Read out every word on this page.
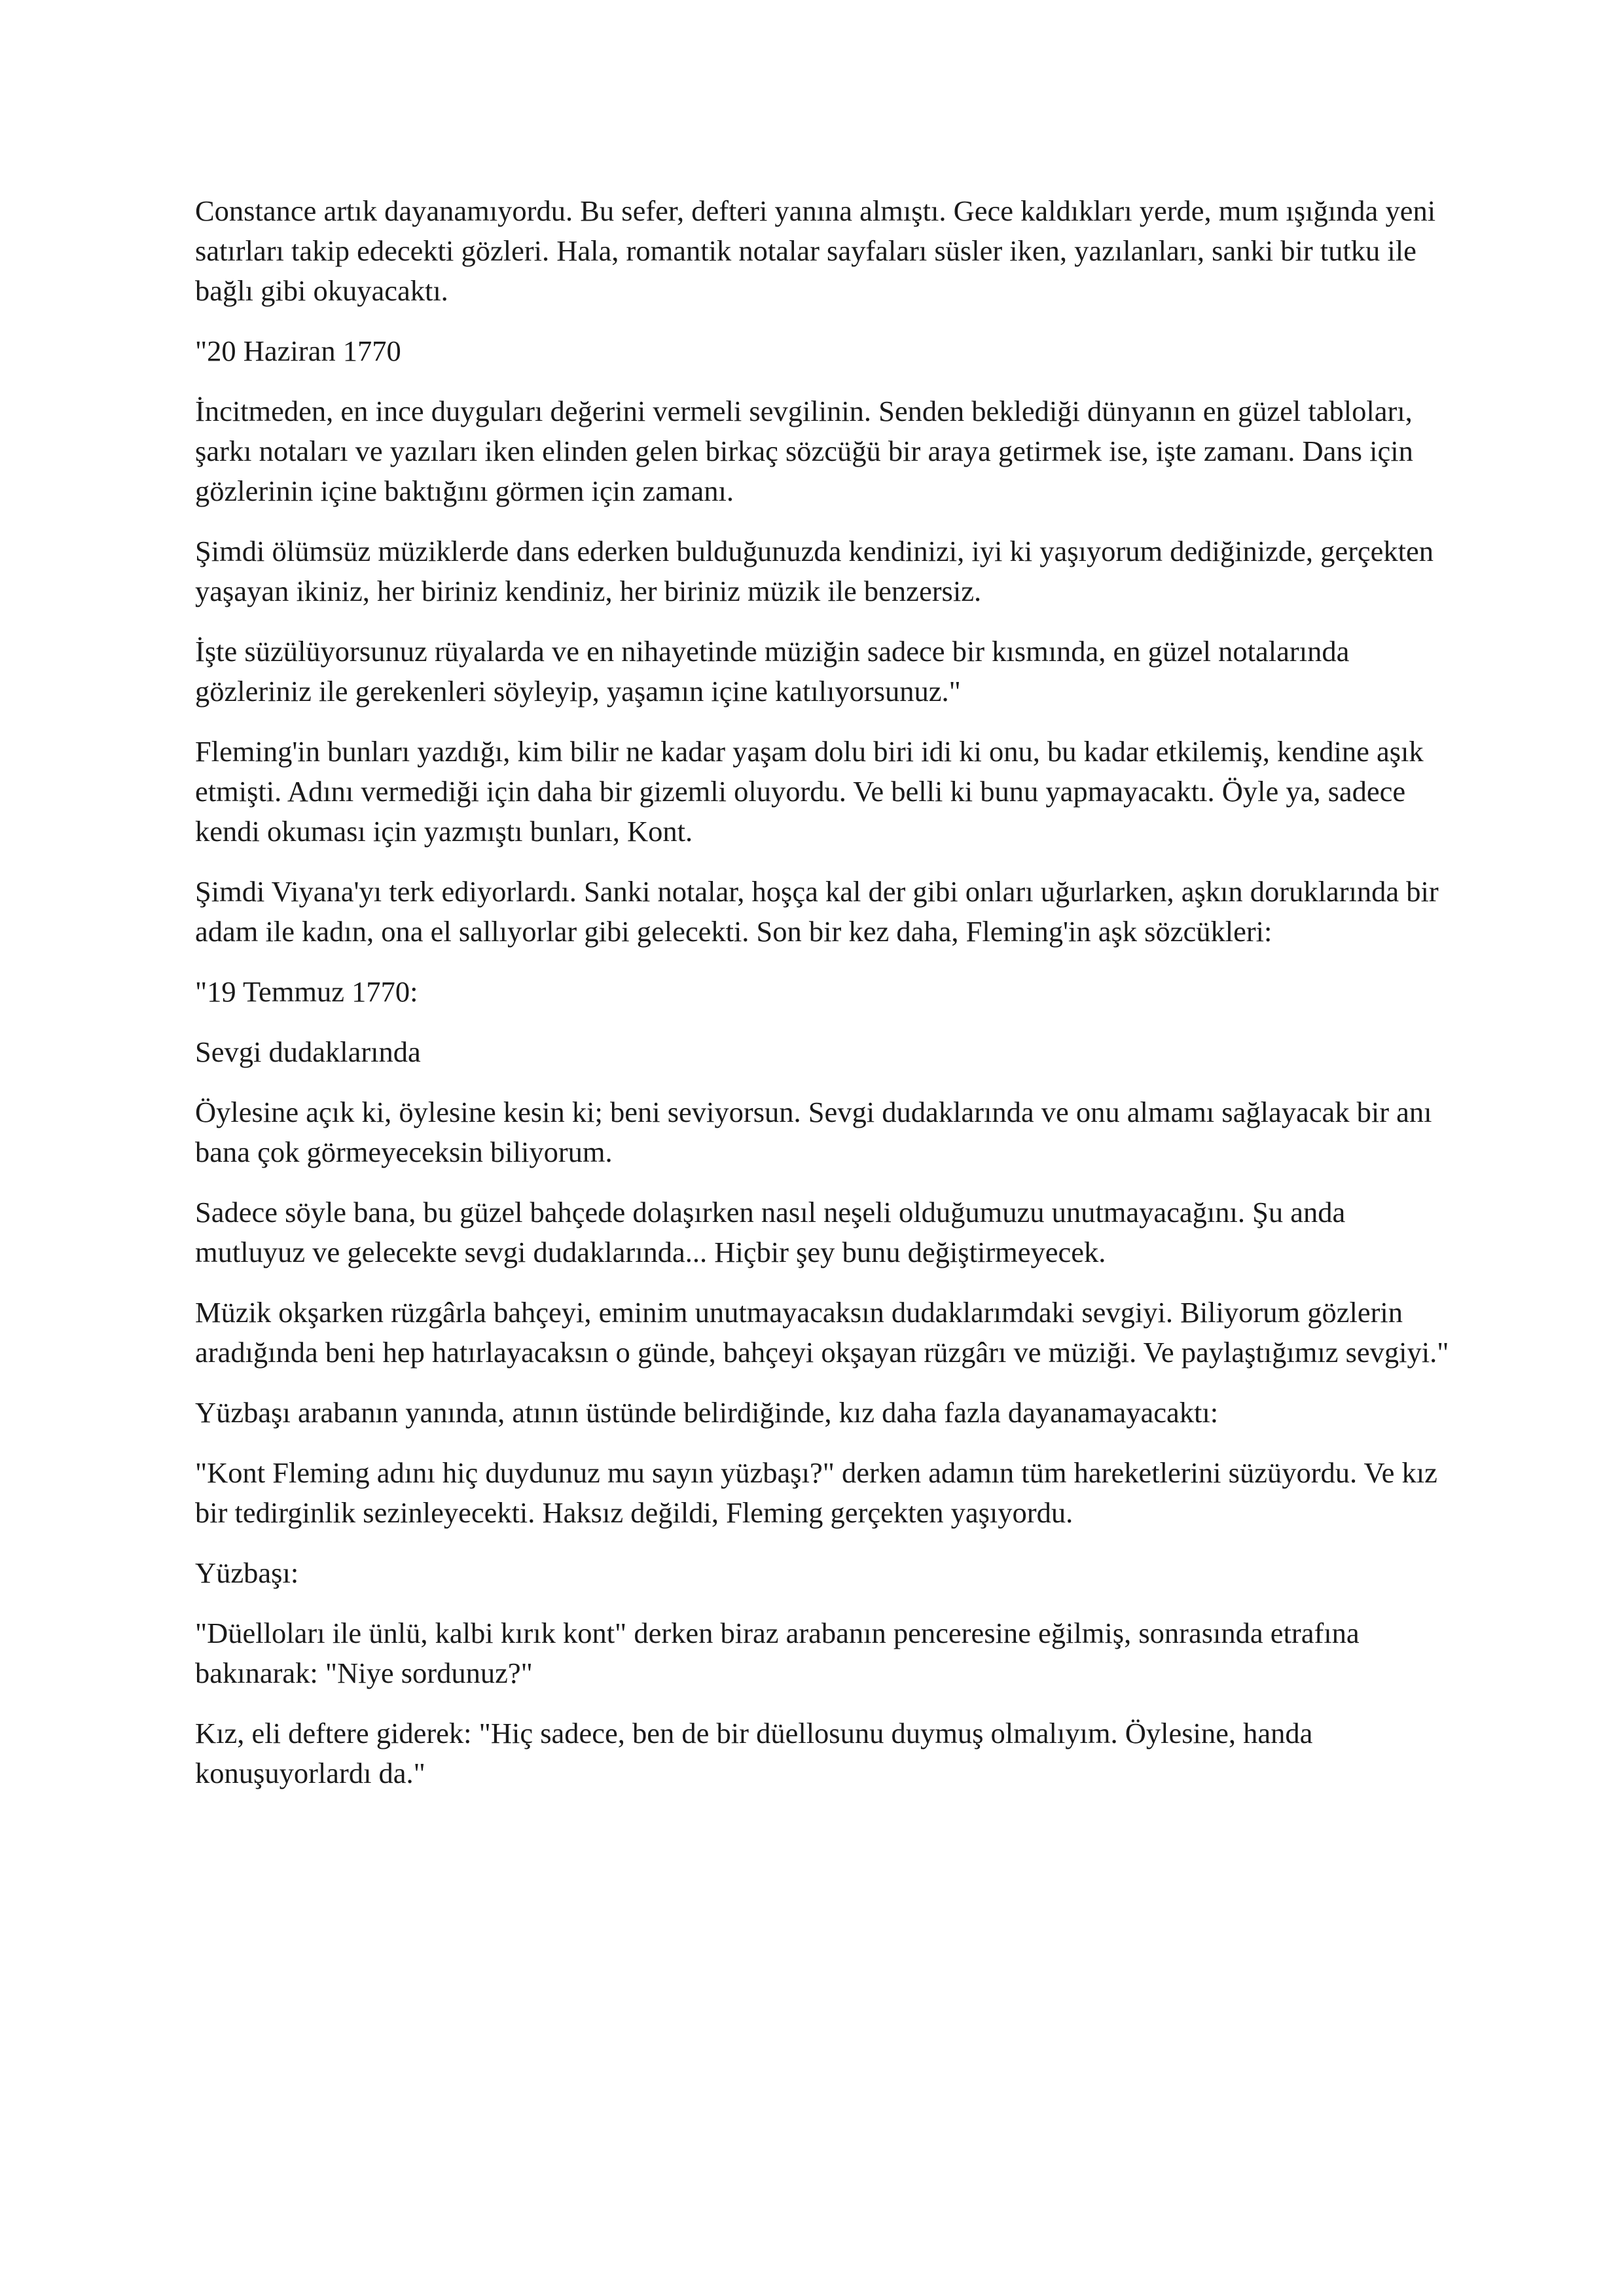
Constance artık dayanamıyordu. Bu sefer, defteri yanına almıştı. Gece kaldıkları yerde, mum ışığında yeni satırları takip edecekti gözleri. Hala, romantik notalar sayfaları süsler iken, yazılanları, sanki bir tutku ile bağlı gibi okuyacaktı.

"20 Haziran 1770

İncitmeden, en ince duyguları değerini vermeli sevgilinin. Senden beklediği dünyanın en güzel tabloları, şarkı notaları ve yazıları iken elinden gelen birkaç sözcüğü bir araya getirmek ise, işte zamanı. Dans için gözlerinin içine baktığını görmen için zamanı.

Şimdi ölümsüz müziklerde dans ederken bulduğunuzda kendinizi, iyi ki yaşıyorum dediğinizde, gerçekten yaşayan ikiniz, her biriniz kendiniz, her biriniz müzik ile benzersiz.

İşte süzülüyorsunuz rüyalarda ve en nihayetinde müziğin sadece bir kısmında, en güzel notalarında gözleriniz ile gerekenleri söyleyip, yaşamın içine katılıyorsunuz."

Fleming'in bunları yazdığı, kim bilir ne kadar yaşam dolu biri idi ki onu, bu kadar etkilemiş, kendine aşık etmişti. Adını vermediği için daha bir gizemli oluyordu. Ve belli ki bunu yapmayacaktı. Öyle ya, sadece kendi okuması için yazmıştı bunları, Kont.

Şimdi Viyana'yı terk ediyorlardı. Sanki notalar, hoşça kal der gibi onları uğurlarken, aşkın doruklarında bir adam ile kadın, ona el sallıyorlar gibi gelecekti. Son bir kez daha, Fleming'in aşk sözcükleri:

"19 Temmuz 1770:

Sevgi dudaklarında

Öylesine açık ki, öylesine kesin ki; beni seviyorsun. Sevgi dudaklarında ve onu almamı sağlayacak bir anı bana çok görmeyeceksin biliyorum.

Sadece söyle bana, bu güzel bahçede dolaşırken nasıl neşeli olduğumuzu unutmayacağını. Şu anda mutluyuz ve gelecekte sevgi dudaklarında... Hiçbir şey bunu değiştirmeyecek.

Müzik okşarken rüzgârla bahçeyi, eminim unutmayacaksın dudaklarımdaki sevgiyi. Biliyorum gözlerin aradığında beni hep hatırlayacaksın o günde, bahçeyi okşayan rüzgârı ve müziği. Ve paylaştığımız sevgiyi."

Yüzbaşı arabanın yanında, atının üstünde belirdiğinde, kız daha fazla dayanamayacaktı:

"Kont Fleming adını hiç duydunuz mu sayın yüzbaşı?" derken adamın tüm hareketlerini süzüyordu. Ve kız bir tedirginlik sezinleyecekti. Haksız değildi, Fleming gerçekten yaşıyordu.

Yüzbaşı:

"Düelloları ile ünlü, kalbi kırık kont" derken biraz arabanın penceresine eğilmiş, sonrasında etrafına bakınarak: "Niye sordunuz?"

Kız, eli deftere giderek: "Hiç sadece, ben de bir düellosunu duymuş olmalıyım. Öylesine, handa konuşuyorlardı da."
